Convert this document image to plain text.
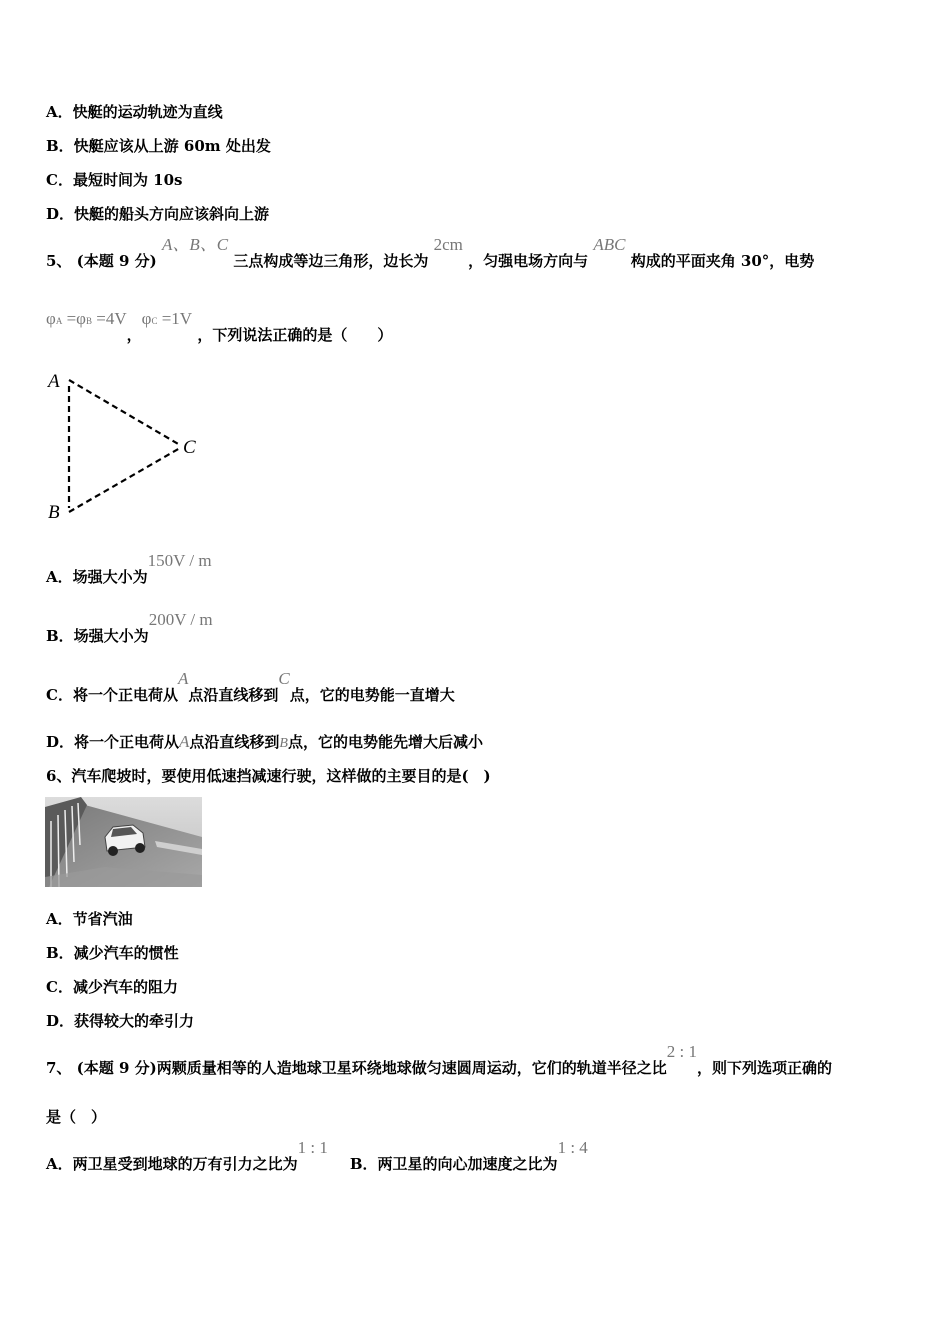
A．快艇的运动轨迹为直线
B．快艇应该从上游 60m 处出发
C．最短时间为 10s
D．快艇的船头方向应该斜向上游
5、 (本题 9 分) A、B、C 三点构成等边三角形，边长为 2cm ，匀强电场方向与 ABC 构成的平面夹角 30°，电势
φA =φB =4V，φC =1V ，下列说法正确的是（　　）
A
B
C
A．场强大小为150V / m
B．场强大小为200V / m
C．将一个正电荷从A点沿直线移到C点，它的电势能一直增大
D．将一个正电荷从A点沿直线移到B点，它的电势能先增大后减小
6、汽车爬坡时，要使用低速挡减速行驶，这样做的主要目的是(　)
A．节省汽油
B．减少汽车的惯性
C．减少汽车的阻力
D．获得较大的牵引力
7、 (本题 9 分)两颗质量相等的人造地球卫星环绕地球做匀速圆周运动，它们的轨道半径之比2 : 1，则下列选项正确的
是（　）
A．两卫星受到地球的万有引力之比为1 : 1B．两卫星的向心加速度之比为1 : 4
